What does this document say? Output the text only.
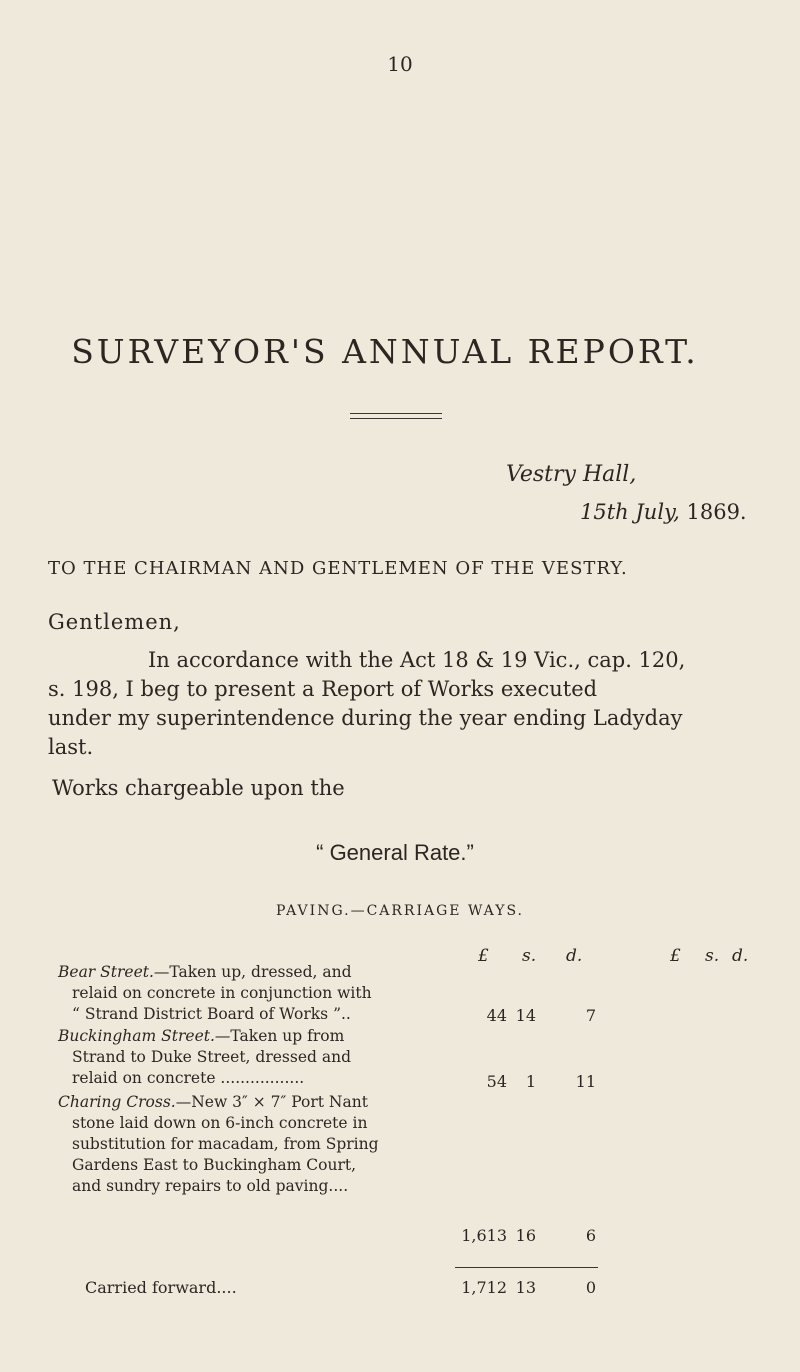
10
SURVEYOR'S ANNUAL REPORT.
Vestry Hall,
15th July, 1869.
TO THE CHAIRMAN AND GENTLEMEN OF THE VESTRY.
Gentlemen,
In accordance with the Act 18 & 19 Vic., cap. 120,
s. 198, I beg to present a Report of Works executed
under my superintendence during the year ending Ladyday
last.
Works chargeable upon the
“ General Rate.”
PAVING.—CARRIAGE WAYS.
£ s. d.	£ s. d.
Bear Street.—Taken up, dressed, and
relaid on concrete in conjunction with
“ Strand District Board of Works ”..	44 14	7
Buckingham Street.—Taken up from
Strand to Duke Street, dressed and
relaid on concrete .................	54	1	11
Charing Cross.—New 3″ × 7″ Port Nant
stone laid down on 6-inch concrete in
substitution for macadam, from Spring
Gardens East to Buckingham Court,
and sundry repairs to old paving....
1,613 16	6
Carried forward....	1,712 13	0
